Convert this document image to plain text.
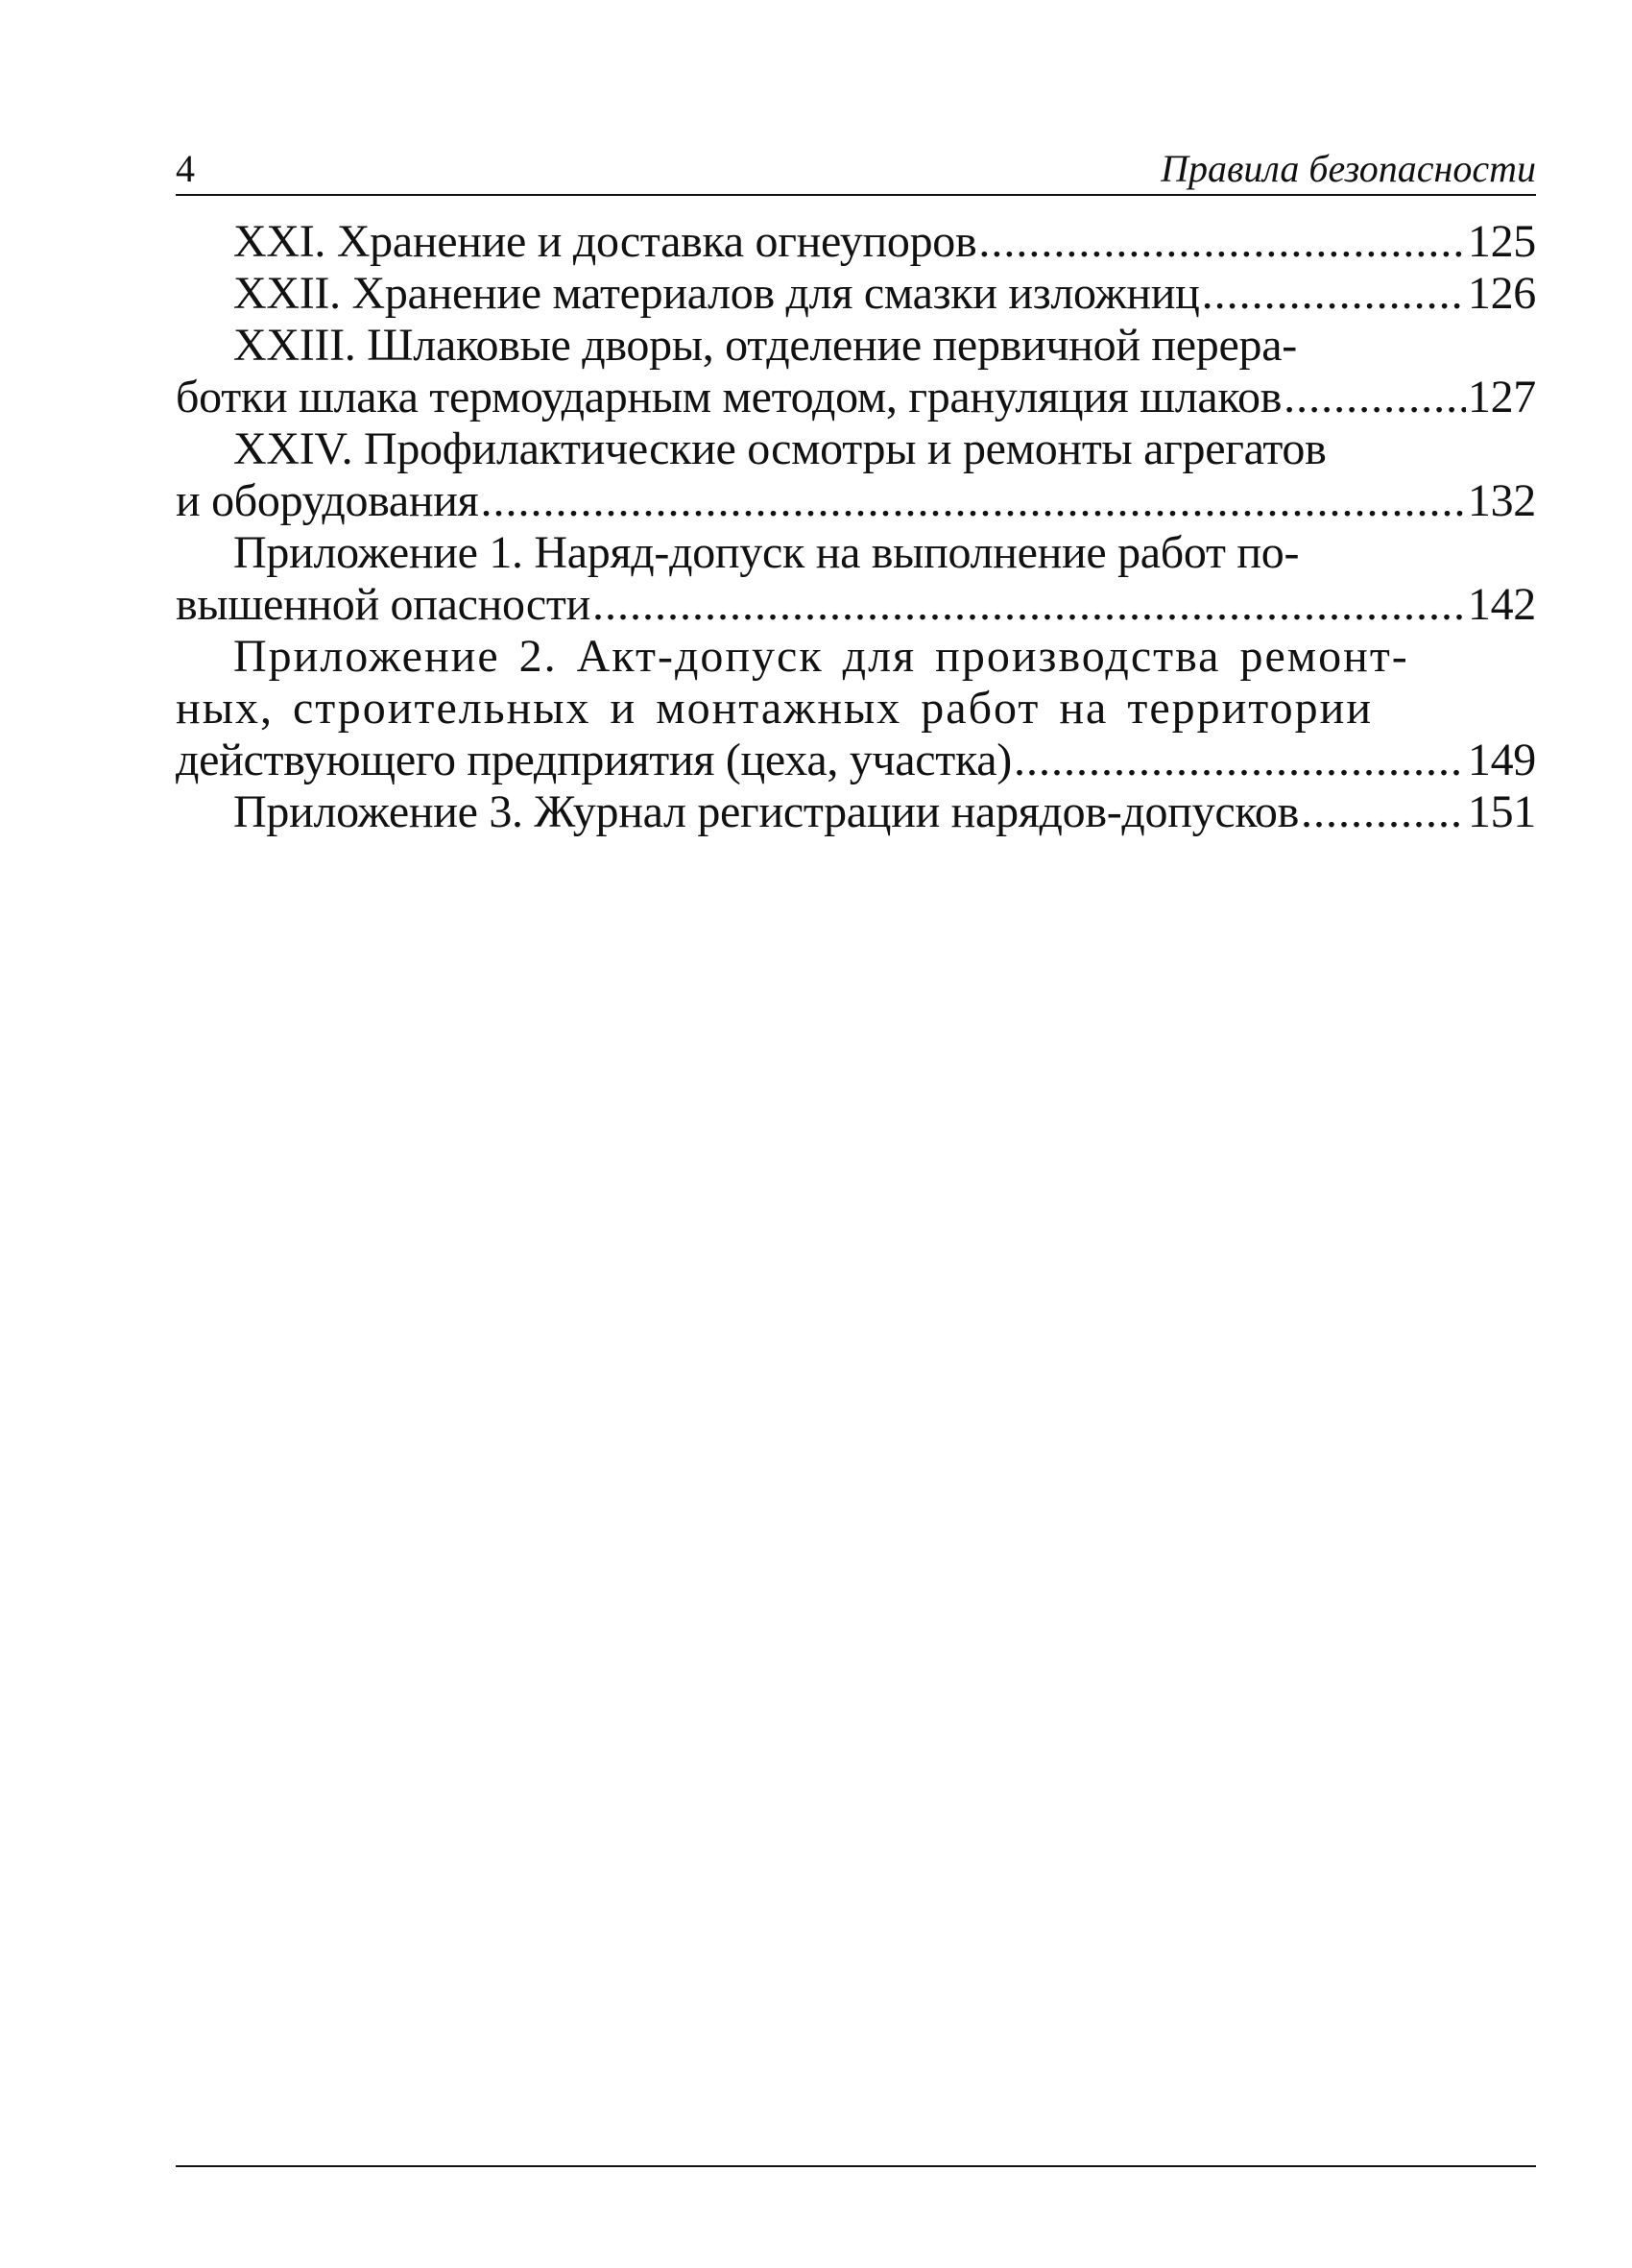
4	Правила безопасности
XXI. Хранение и доставка огнеупоров .....	125
XXII. Хранение материалов для смазки изложниц .....	126
XXIII. Шлаковые дворы, отделение первичной перера-
ботки шлака термоударным методом, грануляция шлаков .....	127
XXIV. Профилактические осмотры и ремонты агрегатов
и оборудования .....	132
Приложение 1. Наряд-допуск на выполнение работ по-
вышенной опасности .....	142
Приложение 2. Акт-допуск для производства ремонт-
ных, строительных и монтажных работ на территории
действующего предприятия (цеха, участка) .....	149
Приложение 3. Журнал регистрации нарядов-допусков .....	151
